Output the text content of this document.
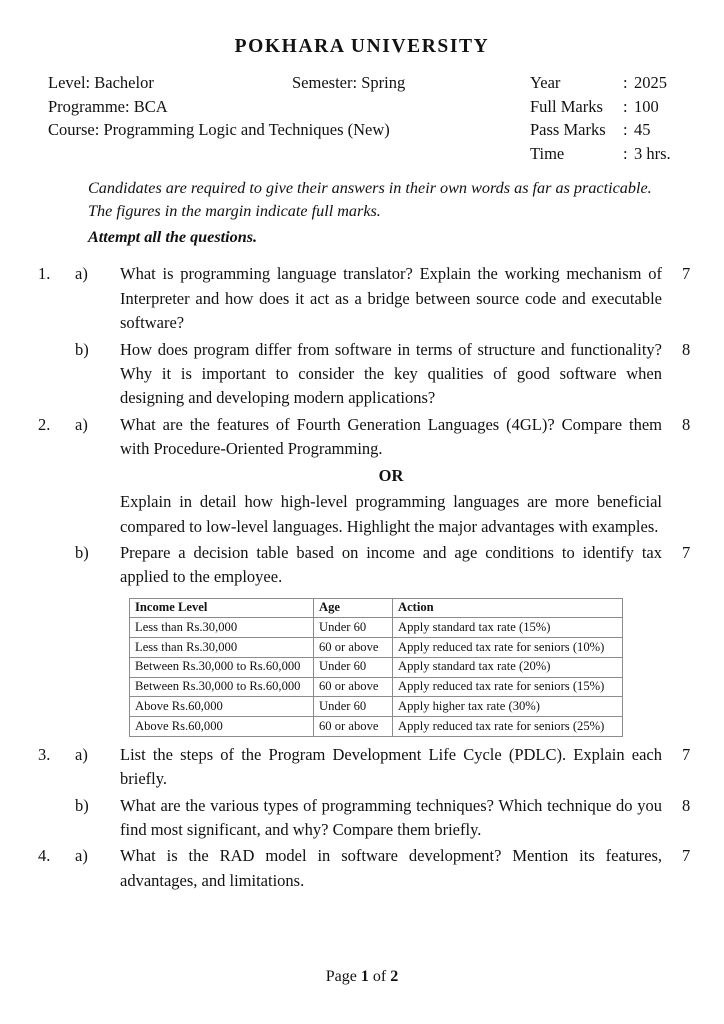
POKHARA UNIVERSITY
Level: Bachelor
Programme: BCA
Course: Programming Logic and Techniques (New)
Semester: Spring	Year	: 2025
Full Marks	: 100
Pass Marks	: 45
Time	: 3 hrs.

Candidates are required to give their answers in their own words as far as practicable.

The figures in the margin indicate full marks.

Attempt all the questions.

1. a) What is programming language translator? Explain the working mechanism of Interpreter and how does it act as a bridge between source code and executable software?
7
b) How does program differ from software in terms of structure and functionality? Why it is important to consider the key qualities of good software when designing and developing modern applications?
8
2. a) What are the features of Fourth Generation Languages (4GL)? Compare them with Procedure-Oriented Programming.
8
OR
Explain in detail how high-level programming languages are more beneficial compared to low-level languages. Highlight the major advantages with examples.
b) Prepare a decision table based on income and age conditions to identify tax applied to the employee.
7
Income Level	Age	Action
Less than Rs.30,000	Under 60	Apply standard tax rate (15%)
Less than Rs.30,000	60 or above	Apply reduced tax rate for seniors (10%)
Between Rs.30,000 to Rs.60,000	Under 60	Apply standard tax rate (20%)
Between Rs.30,000 to Rs.60,000	60 or above	Apply reduced tax rate for seniors (15%)
Above Rs.60,000	Under 60	Apply higher tax rate (30%)
Above Rs.60,000	60 or above	Apply reduced tax rate for seniors (25%)
3. a) List the steps of the Program Development Life Cycle (PDLC). Explain each briefly.
7
b) What are the various types of programming techniques? Which technique do you find most significant, and why? Compare them briefly.
8
4. a) What is the RAD model in software development? Mention its features, advantages, and limitations.
7
Page 1 of 2
